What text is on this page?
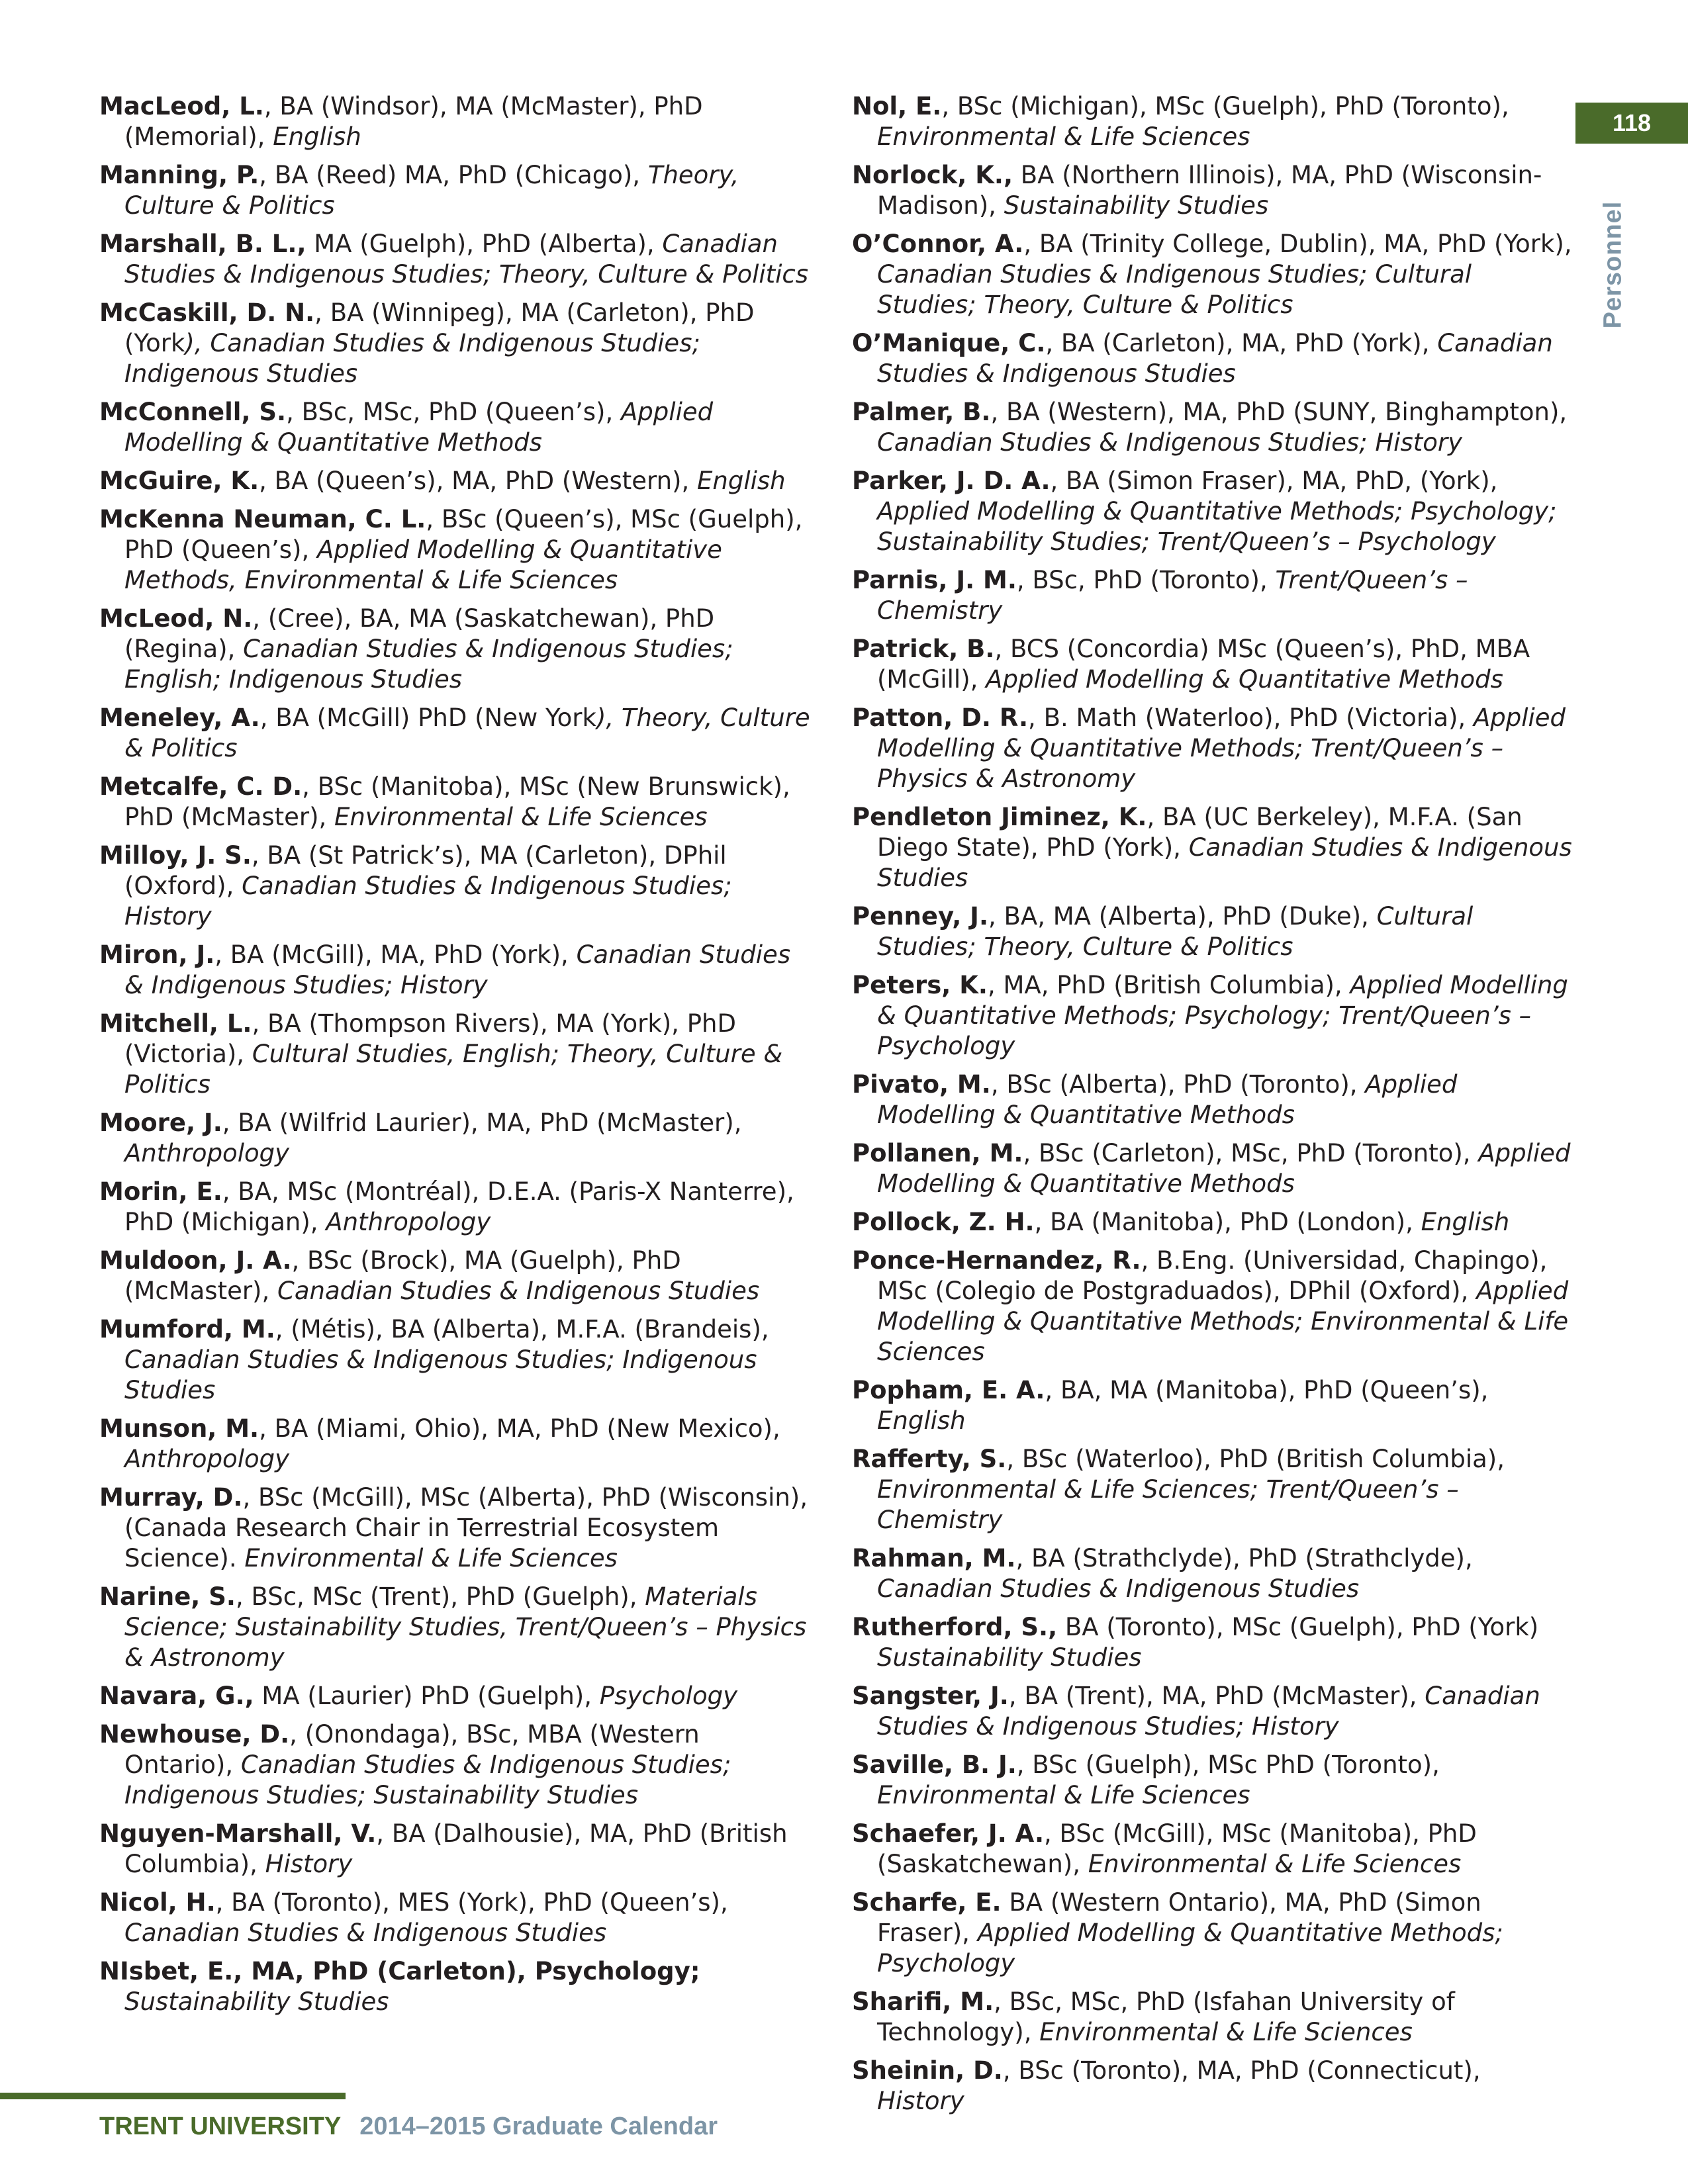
118
Personnel
MacLeod, L., BA (Windsor), MA (McMaster), PhD (Memorial), English
Manning, P., BA (Reed) MA, PhD (Chicago), Theory, Culture & Politics
Marshall, B. L., MA (Guelph), PhD (Alberta), Canadian Studies & Indigenous Studies; Theory, Culture & Politics
McCaskill, D. N., BA (Winnipeg), MA (Carleton), PhD (York), Canadian Studies & Indigenous Studies; Indigenous Studies
McConnell, S., BSc, MSc, PhD (Queen’s), Applied Modelling & Quantitative Methods
McGuire, K., BA (Queen’s), MA, PhD (Western), English
McKenna Neuman, C. L., BSc (Queen’s), MSc (Guelph), PhD (Queen’s), Applied Modelling & Quantitative Methods, Environmental & Life Sciences
McLeod, N., (Cree), BA, MA (Saskatchewan), PhD (Regina), Canadian Studies & Indigenous Studies; English; Indigenous Studies
Meneley, A., BA (McGill) PhD (New York), Theory, Culture & Politics
Metcalfe, C. D., BSc (Manitoba), MSc (New Brunswick), PhD (McMaster), Environmental & Life Sciences
Milloy, J. S., BA (St Patrick’s), MA (Carleton), DPhil (Oxford), Canadian Studies & Indigenous Studies; History
Miron, J., BA (McGill), MA, PhD (York), Canadian Studies & Indigenous Studies; History
Mitchell, L., BA (Thompson Rivers), MA (York), PhD (Victoria), Cultural Studies, English; Theory, Culture & Politics
Moore, J., BA (Wilfrid Laurier), MA, PhD (McMaster), Anthropology
Morin, E., BA, MSc (Montréal), D.E.A. (Paris-X Nanterre), PhD (Michigan), Anthropology
Muldoon, J. A., BSc (Brock), MA (Guelph), PhD (McMaster), Canadian Studies & Indigenous Studies
Mumford, M., (Métis), BA (Alberta), M.F.A. (Brandeis), Canadian Studies & Indigenous Studies; Indigenous Studies
Munson, M., BA (Miami, Ohio), MA, PhD (New Mexico), Anthropology
Murray, D., BSc (McGill), MSc (Alberta), PhD (Wisconsin), (Canada Research Chair in Terrestrial Ecosystem Science). Environmental & Life Sciences
Narine, S., BSc, MSc (Trent), PhD (Guelph), Materials Science; Sustainability Studies, Trent/Queen’s – Physics & Astronomy
Navara, G., MA (Laurier) PhD (Guelph), Psychology
Newhouse, D., (Onondaga), BSc, MBA (Western Ontario), Canadian Studies & Indigenous Studies; Indigenous Studies; Sustainability Studies
Nguyen-Marshall, V., BA (Dalhousie), MA, PhD (British Columbia), History
Nicol, H., BA (Toronto), MES (York), PhD (Queen’s), Canadian Studies & Indigenous Studies
NIsbet, E., MA, PhD (Carleton), Psychology; Sustainability Studies
Nol, E., BSc (Michigan), MSc (Guelph), PhD (Toronto), Environmental & Life Sciences
Norlock, K., BA (Northern Illinois), MA, PhD (Wisconsin-Madison), Sustainability Studies
O’Connor, A., BA (Trinity College, Dublin), MA, PhD (York), Canadian Studies & Indigenous Studies; Cultural Studies; Theory, Culture & Politics
O’Manique, C., BA (Carleton), MA, PhD (York), Canadian Studies & Indigenous Studies
Palmer, B., BA (Western), MA, PhD (SUNY, Binghampton), Canadian Studies & Indigenous Studies; History
Parker, J. D. A., BA (Simon Fraser), MA, PhD, (York), Applied Modelling & Quantitative Methods; Psychology; Sustainability Studies; Trent/Queen’s – Psychology
Parnis, J. M., BSc, PhD (Toronto), Trent/Queen’s – Chemistry
Patrick, B., BCS (Concordia) MSc (Queen’s), PhD, MBA (McGill), Applied Modelling & Quantitative Methods
Patton, D. R., B. Math (Waterloo), PhD (Victoria), Applied Modelling & Quantitative Methods; Trent/Queen’s – Physics & Astronomy
Pendleton Jiminez, K., BA (UC Berkeley), M.F.A. (San Diego State), PhD (York), Canadian Studies & Indigenous Studies
Penney, J., BA, MA (Alberta), PhD (Duke), Cultural Studies; Theory, Culture & Politics
Peters, K., MA, PhD (British Columbia), Applied Modelling & Quantitative Methods; Psychology; Trent/Queen’s – Psychology
Pivato, M., BSc (Alberta), PhD (Toronto), Applied Modelling & Quantitative Methods
Pollanen, M., BSc (Carleton), MSc, PhD (Toronto), Applied Modelling & Quantitative Methods
Pollock, Z. H., BA (Manitoba), PhD (London), English
Ponce-Hernandez, R., B.Eng. (Universidad, Chapingo), MSc (Colegio de Postgraduados), DPhil (Oxford), Applied Modelling & Quantitative Methods; Environmental & Life Sciences
Popham, E. A., BA, MA (Manitoba), PhD (Queen’s), English
Rafferty, S., BSc (Waterloo), PhD (British Columbia), Environmental & Life Sciences; Trent/Queen’s – Chemistry
Rahman, M., BA (Strathclyde), PhD (Strathclyde), Canadian Studies & Indigenous Studies
Rutherford, S., BA (Toronto), MSc (Guelph), PhD (York) Sustainability Studies
Sangster, J., BA (Trent), MA, PhD (McMaster), Canadian Studies & Indigenous Studies; History
Saville, B. J., BSc (Guelph), MSc PhD (Toronto), Environmental & Life Sciences
Schaefer, J. A., BSc (McGill), MSc (Manitoba), PhD (Saskatchewan), Environmental & Life Sciences
Scharfe, E. BA (Western Ontario), MA, PhD (Simon Fraser), Applied Modelling & Quantitative Methods; Psychology
Sharifi, M., BSc, MSc, PhD (Isfahan University of Technology), Environmental & Life Sciences
Sheinin, D., BSc (Toronto), MA, PhD (Connecticut), History
TRENT UNIVERSITY 2014–2015 Graduate Calendar
